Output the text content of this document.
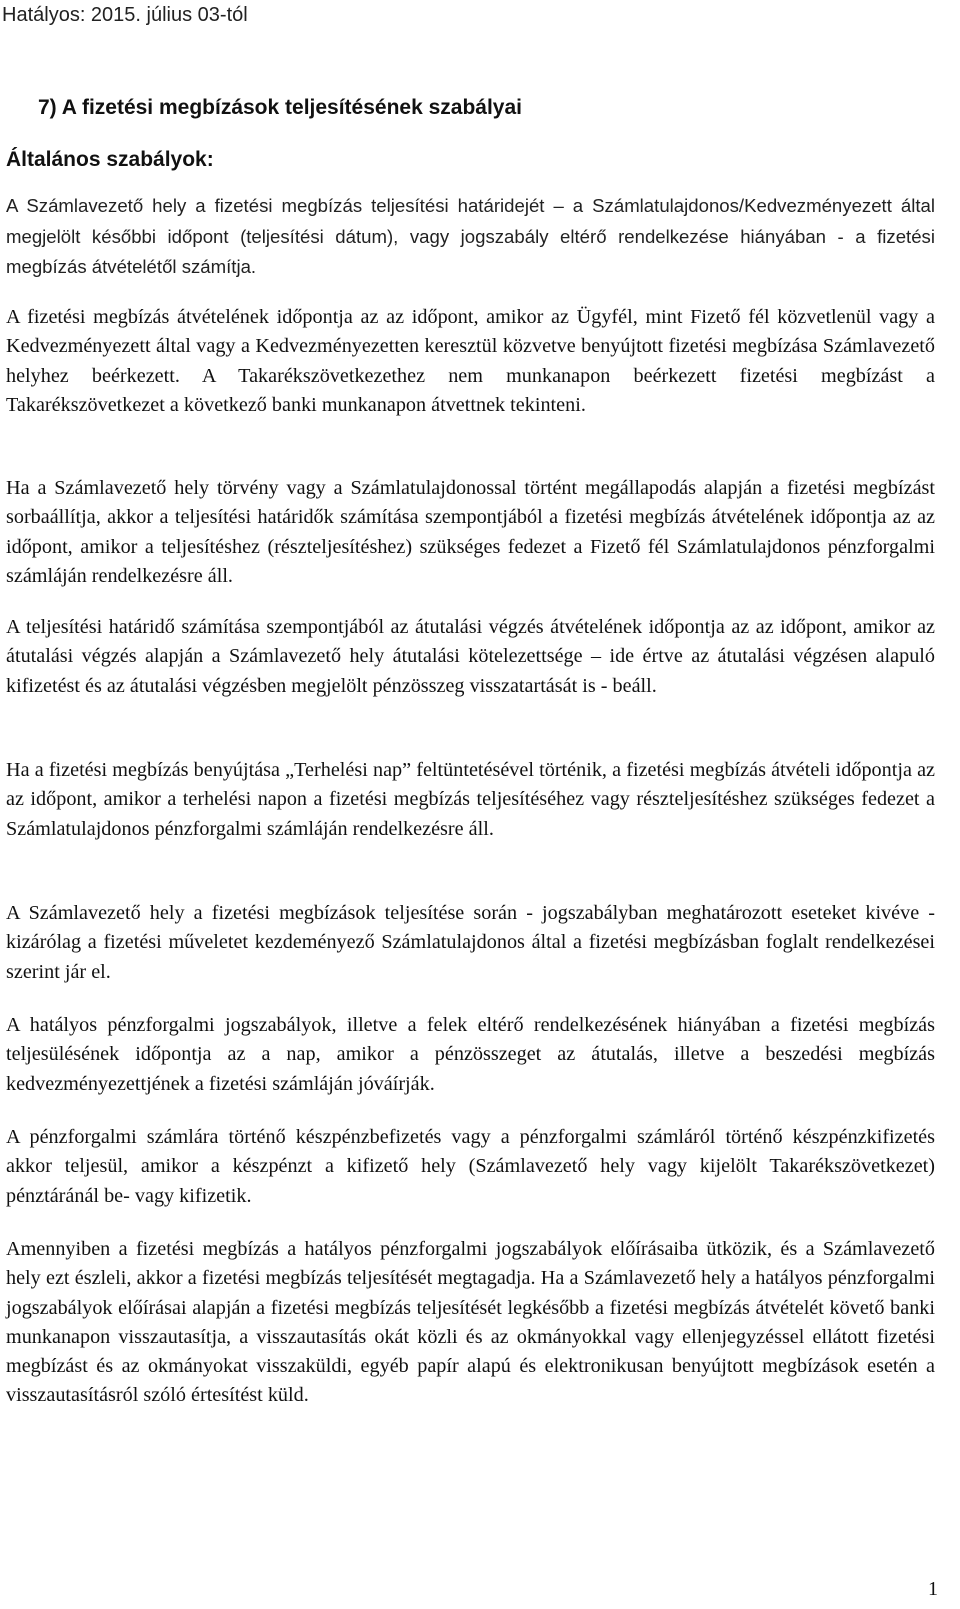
Hatályos: 2015. július 03-tól
7) A fizetési megbízások teljesítésének szabályai
Általános szabályok:

A Számlavezető hely a fizetési megbízás teljesítési határidejét – a Számlatulajdonos/Kedvezményezett által megjelölt későbbi időpont (teljesítési dátum), vagy jogszabály eltérő rendelkezése hiányában - a fizetési megbízás átvételétől számítja.

A fizetési megbízás átvételének időpontja az az időpont, amikor az Ügyfél, mint Fizető fél közvetlenül vagy a Kedvezményezett által vagy a Kedvezményezetten keresztül közvetve benyújtott fizetési megbízása Számlavezető helyhez beérkezett. A Takarékszövetkezethez nem munkanapon beérkezett fizetési megbízást a Takarékszövetkezet a következő banki munkanapon átvettnek tekinteni.

Ha a Számlavezető hely törvény vagy a Számlatulajdonossal történt megállapodás alapján a fizetési megbízást sorbaállítja, akkor a teljesítési határidők számítása szempontjából a fizetési megbízás átvételének időpontja az az időpont, amikor a teljesítéshez (részteljesítéshez) szükséges fedezet a Fizető fél Számlatulajdonos pénzforgalmi számláján rendelkezésre áll.

A teljesítési határidő számítása szempontjából az átutalási végzés átvételének időpontja az az időpont, amikor az átutalási végzés alapján a Számlavezető hely átutalási kötelezettsége – ide értve az átutalási végzésen alapuló kifizetést és az átutalási végzésben megjelölt pénzösszeg visszatartását is - beáll.

Ha a fizetési megbízás benyújtása „Terhelési nap” feltüntetésével történik, a fizetési megbízás átvételi időpontja az az időpont, amikor a terhelési napon a fizetési megbízás teljesítéséhez vagy részteljesítéshez szükséges fedezet a Számlatulajdonos pénzforgalmi számláján rendelkezésre áll.

A Számlavezető hely a fizetési megbízások teljesítése során - jogszabályban meghatározott eseteket kivéve - kizárólag a fizetési műveletet kezdeményező Számlatulajdonos által a fizetési megbízásban foglalt rendelkezései szerint jár el.

A hatályos pénzforgalmi jogszabályok, illetve a felek eltérő rendelkezésének hiányában a fizetési megbízás teljesülésének időpontja az a nap, amikor a pénzösszeget az átutalás, illetve a beszedési megbízás kedvezményezettjének a fizetési számláján jóváírják.

A pénzforgalmi számlára történő készpénzbefizetés vagy a pénzforgalmi számláról történő készpénzkifizetés akkor teljesül, amikor a készpénzt a kifizető hely (Számlavezető hely vagy kijelölt Takarékszövetkezet) pénztáránál be- vagy kifizetik.

Amennyiben a fizetési megbízás a hatályos pénzforgalmi jogszabályok előírásaiba ütközik, és a Számlavezető hely ezt észleli, akkor a fizetési megbízás teljesítését megtagadja. Ha a Számlavezető hely a hatályos pénzforgalmi jogszabályok előírásai alapján a fizetési megbízás teljesítését legkésőbb a fizetési megbízás átvételét követő banki munkanapon visszautasítja, a visszautasítás okát közli és az okmányokkal vagy ellenjegyzéssel ellátott fizetési megbízást és az okmányokat visszaküldi, egyéb papír alapú és elektronikusan benyújtott megbízások esetén a visszautasításról szóló értesítést küld.

1
